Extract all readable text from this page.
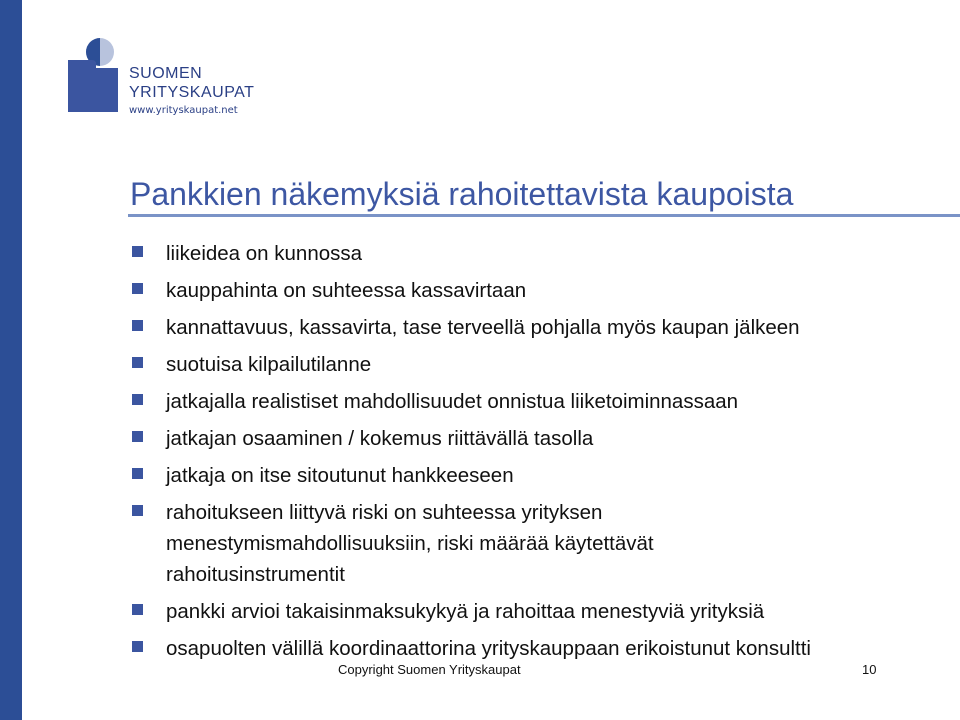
SUOMEN
YRITYSKAUPAT
www.yrityskaupat.net
Pankkien näkemyksiä rahoitettavista kaupoista
liikeidea on kunnossa
kauppahinta on suhteessa kassavirtaan
kannattavuus, kassavirta, tase terveellä pohjalla myös kaupan jälkeen
suotuisa kilpailutilanne
jatkajalla realistiset mahdollisuudet onnistua liiketoiminnassaan
jatkajan osaaminen / kokemus riittävällä tasolla
jatkaja on itse sitoutunut hankkeeseen
rahoitukseen liittyvä riski on suhteessa yrityksen
menestymismahdollisuuksiin, riski määrää käytettävät
rahoitusinstrumentit
pankki arvioi takaisinmaksukykyä ja rahoittaa menestyviä yrityksiä
osapuolten välillä koordinaattorina yrityskauppaan erikoistunut konsultti
Copyright Suomen Yrityskaupat	10
